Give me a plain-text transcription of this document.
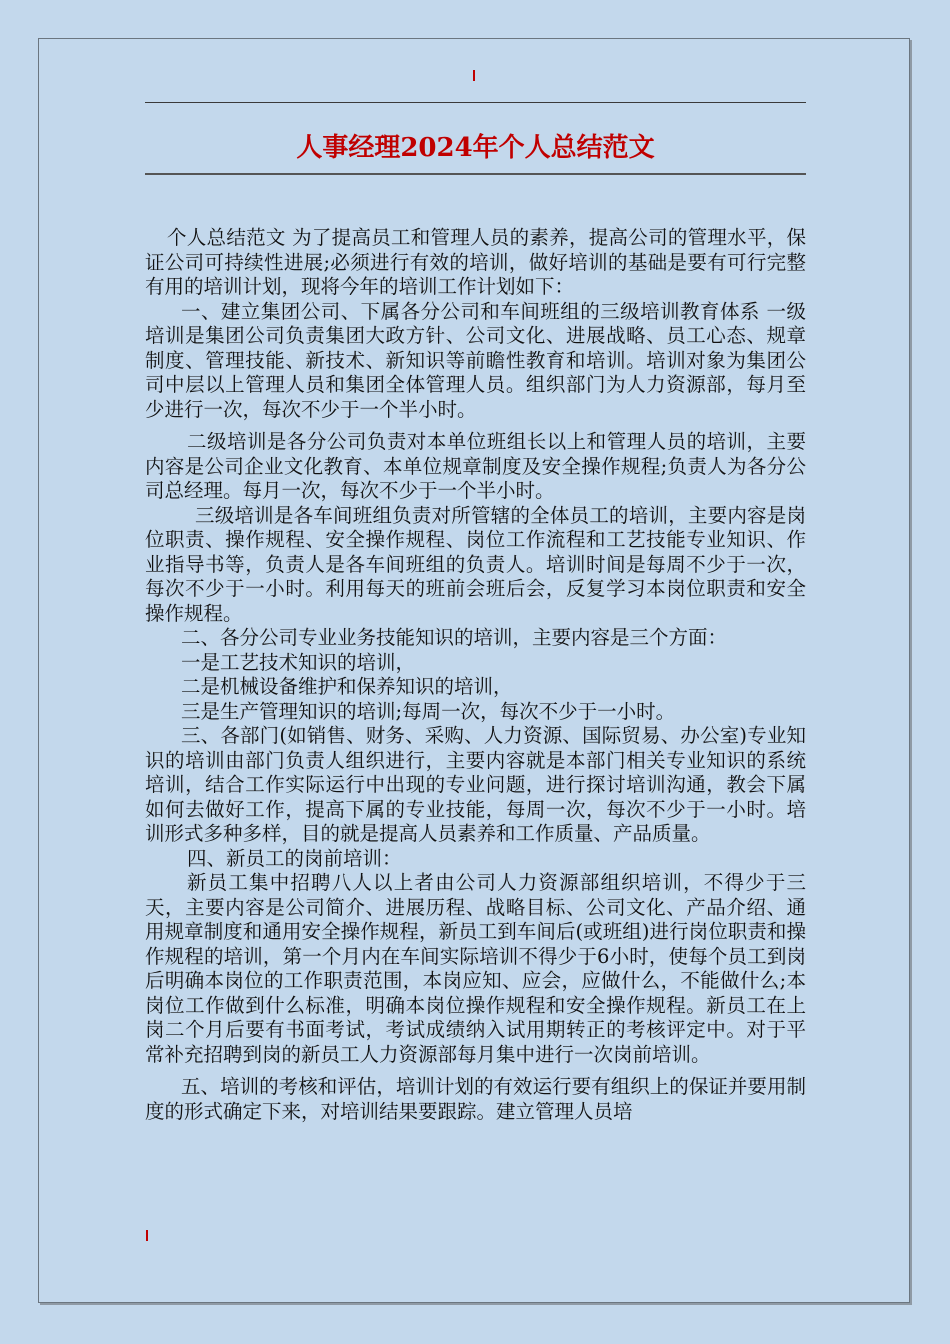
人事经理2024年个人总结范文

个人总结范文 为了提高员工和管理人员的素养，提高公司的管理水平，保证公司可持续性进展;必须进行有效的培训，做好培训的基础是要有可行完整有用的培训计划，现将今年的培训工作计划如下：

一、建立集团公司、下属各分公司和车间班组的三级培训教育体系 一级培训是集团公司负责集团大政方针、公司文化、进展战略、员工心态、规章制度、管理技能、新技术、新知识等前瞻性教育和培训。培训对象为集团公司中层以上管理人员和集团全体管理人员。组织部门为人力资源部，每月至少进行一次，每次不少于一个半小时。

二级培训是各分公司负责对本单位班组长以上和管理人员的培训，主要内容是公司企业文化教育、本单位规章制度及安全操作规程;负责人为各分公司总经理。每月一次，每次不少于一个半小时。

三级培训是各车间班组负责对所管辖的全体员工的培训，主要内容是岗位职责、操作规程、安全操作规程、岗位工作流程和工艺技能专业知识、作业指导书等，负责人是各车间班组的负责人。培训时间是每周不少于一次，每次不少于一小时。利用每天的班前会班后会，反复学习本岗位职责和安全操作规程。

二、各分公司专业业务技能知识的培训，主要内容是三个方面：

一是工艺技术知识的培训，

二是机械设备维护和保养知识的培训，

三是生产管理知识的培训;每周一次，每次不少于一小时。

三、各部门(如销售、财务、采购、人力资源、国际贸易、办公室)专业知识的培训由部门负责人组织进行，主要内容就是本部门相关专业知识的系统培训，结合工作实际运行中出现的专业问题，进行探讨培训沟通，教会下属如何去做好工作，提高下属的专业技能，每周一次，每次不少于一小时。培训形式多种多样，目的就是提高人员素养和工作质量、产品质量。

四、新员工的岗前培训：

新员工集中招聘八人以上者由公司人力资源部组织培训，不得少于三天，主要内容是公司简介、进展历程、战略目标、公司文化、产品介绍、通用规章制度和通用安全操作规程，新员工到车间后(或班组)进行岗位职责和操作规程的培训，第一个月内在车间实际培训不得少于6小时，使每个员工到岗后明确本岗位的工作职责范围，本岗应知、应会，应做什么，不能做什么;本岗位工作做到什么标准，明确本岗位操作规程和安全操作规程。新员工在上岗二个月后要有书面考试，考试成绩纳入试用期转正的考核评定中。对于平常补充招聘到岗的新员工人力资源部每月集中进行一次岗前培训。

五、培训的考核和评估，培训计划的有效运行要有组织上的保证并要用制度的形式确定下来，对培训结果要跟踪。建立管理人员培
